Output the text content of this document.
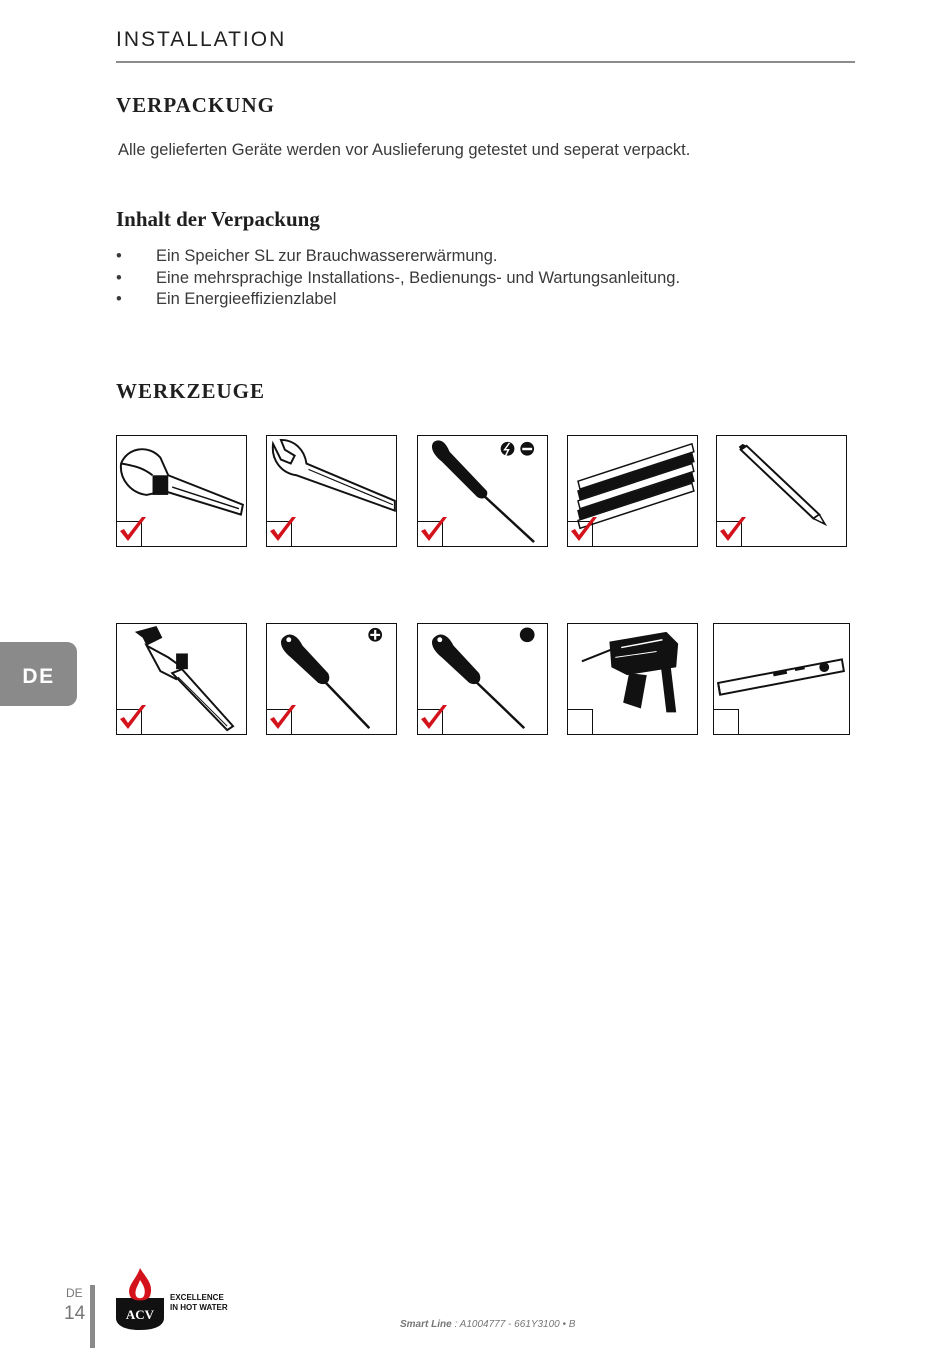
INSTALLATION
VERPACKUNG
Alle gelieferten Geräte werden vor Auslieferung getestet und seperat verpackt.
Inhalt der Verpackung
• Ein Speicher SL zur Brauchwassererwärmung.
• Eine mehrsprachige Installations-, Bedienungs- und Wartungsanleitung.
• Ein Energieeffizienzlabel
WERKZEUGE
DE
DE
14	ACV
EXCELLENCE
IN HOT WATER
Smart Line : A1004777 - 661Y3100 • B
